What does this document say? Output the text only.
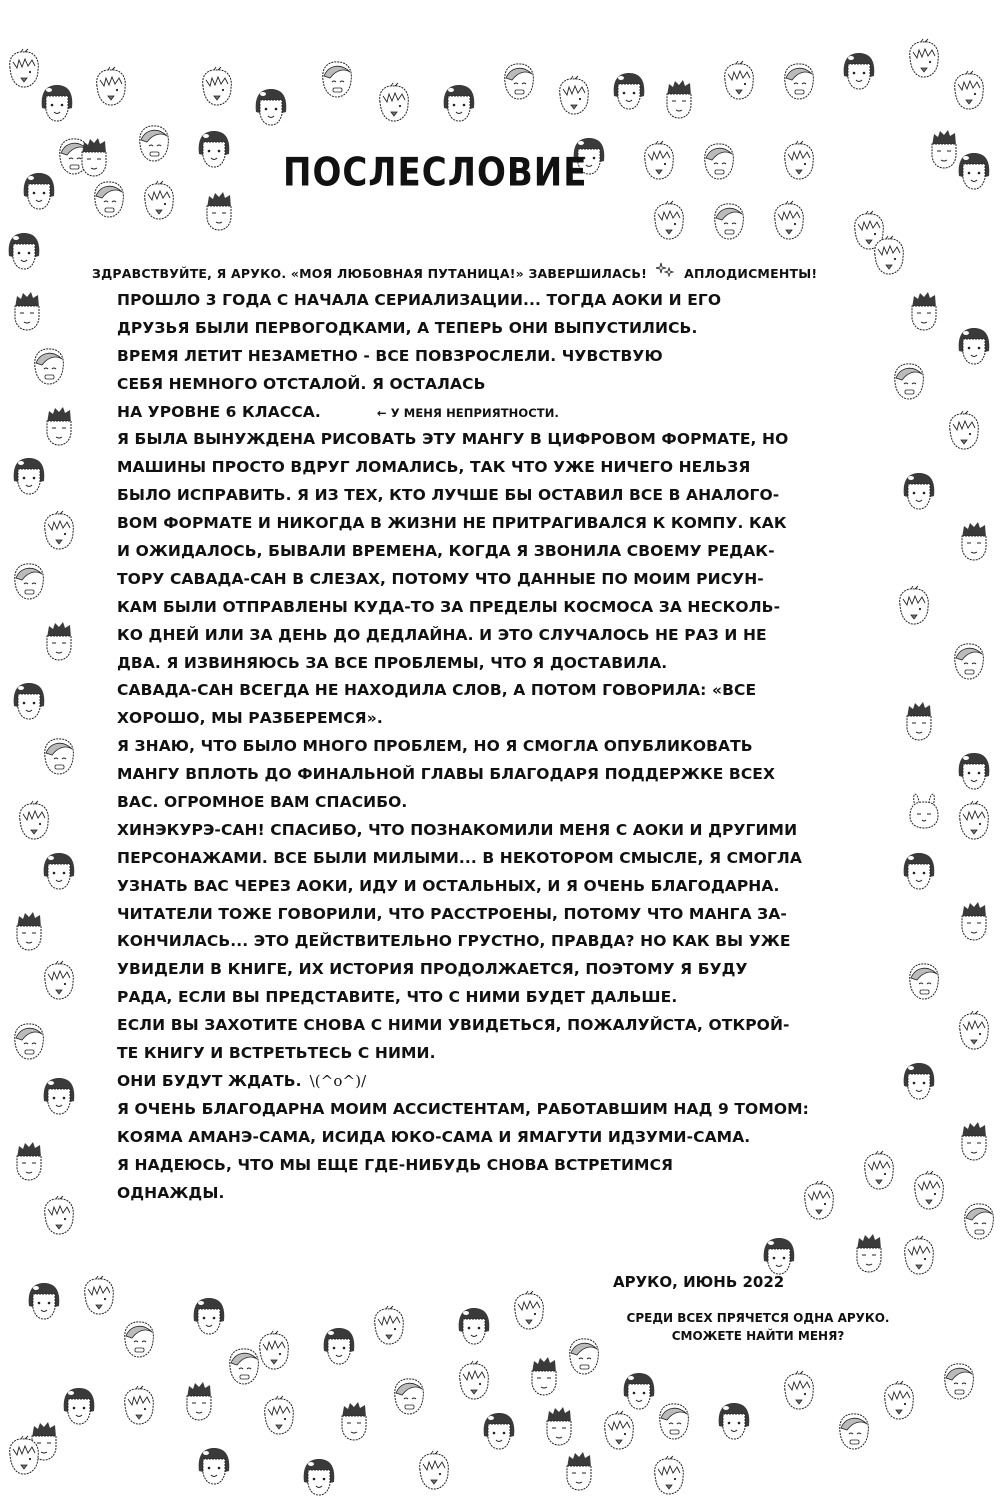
ПОСЛЕСЛОВИЕ
ЗДРАВСТВУЙТЕ, Я АРУКО. «МОЯ ЛЮБОВНАЯ ПУТАНИЦА!» ЗАВЕРШИЛАСЬ!	АПЛОДИСМЕНТЫ!
ПРОШЛО 3 ГОДА С НАЧАЛА СЕРИАЛИЗАЦИИ... ТОГДА АОКИ И ЕГО
ДРУЗЬЯ БЫЛИ ПЕРВОГОДКАМИ, А ТЕПЕРЬ ОНИ ВЫПУСТИЛИСЬ.
ВРЕМЯ ЛЕТИТ НЕЗАМЕТНО - ВСЕ ПОВЗРОСЛЕЛИ. ЧУВСТВУЮ
СЕБЯ НЕМНОГО ОТСТАЛОЙ. Я ОСТАЛАСЬ
НА УРОВНЕ 6 КЛАССА.	← У МЕНЯ НЕПРИЯТНОСТИ.
Я БЫЛА ВЫНУЖДЕНА РИСОВАТЬ ЭТУ МАНГУ В ЦИФРОВОМ ФОРМАТЕ, НО
МАШИНЫ ПРОСТО ВДРУГ ЛОМАЛИСЬ, ТАК ЧТО УЖЕ НИЧЕГО НЕЛЬЗЯ
БЫЛО ИСПРАВИТЬ. Я ИЗ ТЕХ, КТО ЛУЧШЕ БЫ ОСТАВИЛ ВСЕ В АНАЛОГО-
ВОМ ФОРМАТЕ И НИКОГДА В ЖИЗНИ НЕ ПРИТРАГИВАЛСЯ К КОМПУ. КАК
И ОЖИДАЛОСЬ, БЫВАЛИ ВРЕМЕНА, КОГДА Я ЗВОНИЛА СВОЕМУ РЕДАК-
ТОРУ САВАДА-САН В СЛЕЗАХ, ПОТОМУ ЧТО ДАННЫЕ ПО МОИМ РИСУН-
КАМ БЫЛИ ОТПРАВЛЕНЫ КУДА-ТО ЗА ПРЕДЕЛЫ КОСМОСА ЗА НЕСКОЛЬ-
КО ДНЕЙ ИЛИ ЗА ДЕНЬ ДО ДЕДЛАЙНА. И ЭТО СЛУЧАЛОСЬ НЕ РАЗ И НЕ
ДВА. Я ИЗВИНЯЮСЬ ЗА ВСЕ ПРОБЛЕМЫ, ЧТО Я ДОСТАВИЛА.
САВАДА-САН ВСЕГДА НЕ НАХОДИЛА СЛОВ, А ПОТОМ ГОВОРИЛА: «ВСЕ
ХОРОШО, МЫ РАЗБЕРЕМСЯ».
Я ЗНАЮ, ЧТО БЫЛО МНОГО ПРОБЛЕМ, НО Я СМОГЛА ОПУБЛИКОВАТЬ
МАНГУ ВПЛОТЬ ДО ФИНАЛЬНОЙ ГЛАВЫ БЛАГОДАРЯ ПОДДЕРЖКЕ ВСЕХ
ВАС. ОГРОМНОЕ ВАМ СПАСИБО.
ХИНЭКУРЭ-САН! СПАСИБО, ЧТО ПОЗНАКОМИЛИ МЕНЯ С АОКИ И ДРУГИМИ
ПЕРСОНАЖАМИ. ВСЕ БЫЛИ МИЛЫМИ... В НЕКОТОРОМ СМЫСЛЕ, Я СМОГЛА
УЗНАТЬ ВАС ЧЕРЕЗ АОКИ, ИДУ И ОСТАЛЬНЫХ, И Я ОЧЕНЬ БЛАГОДАРНА.
ЧИТАТЕЛИ ТОЖЕ ГОВОРИЛИ, ЧТО РАССТРОЕНЫ, ПОТОМУ ЧТО МАНГА ЗА-
КОНЧИЛАСЬ... ЭТО ДЕЙСТВИТЕЛЬНО ГРУСТНО, ПРАВДА? НО КАК ВЫ УЖЕ
УВИДЕЛИ В КНИГЕ, ИХ ИСТОРИЯ ПРОДОЛЖАЕТСЯ, ПОЭТОМУ Я БУДУ
РАДА, ЕСЛИ ВЫ ПРЕДСТАВИТЕ, ЧТО С НИМИ БУДЕТ ДАЛЬШЕ.
ЕСЛИ ВЫ ЗАХОТИТЕ СНОВА С НИМИ УВИДЕТЬСЯ, ПОЖАЛУЙСТА, ОТКРОЙ-
ТЕ КНИГУ И ВСТРЕТЬТЕСЬ С НИМИ.
ОНИ БУДУТ ЖДАТЬ. \(^o^)/
Я ОЧЕНЬ БЛАГОДАРНА МОИМ АССИСТЕНТАМ, РАБОТАВШИМ НАД 9 ТОМОМ:
КОЯМА АМАНЭ-САМА, ИСИДА ЮКО-САМА И ЯМАГУТИ ИДЗУМИ-САМА.
Я НАДЕЮСЬ, ЧТО МЫ ЕЩЕ ГДЕ-НИБУДЬ СНОВА ВСТРЕТИМСЯ
ОДНАЖДЫ.
АРУКО, ИЮНЬ 2022
СРЕДИ ВСЕХ ПРЯЧЕТСЯ ОДНА АРУКО.
СМОЖЕТЕ НАЙТИ МЕНЯ?
